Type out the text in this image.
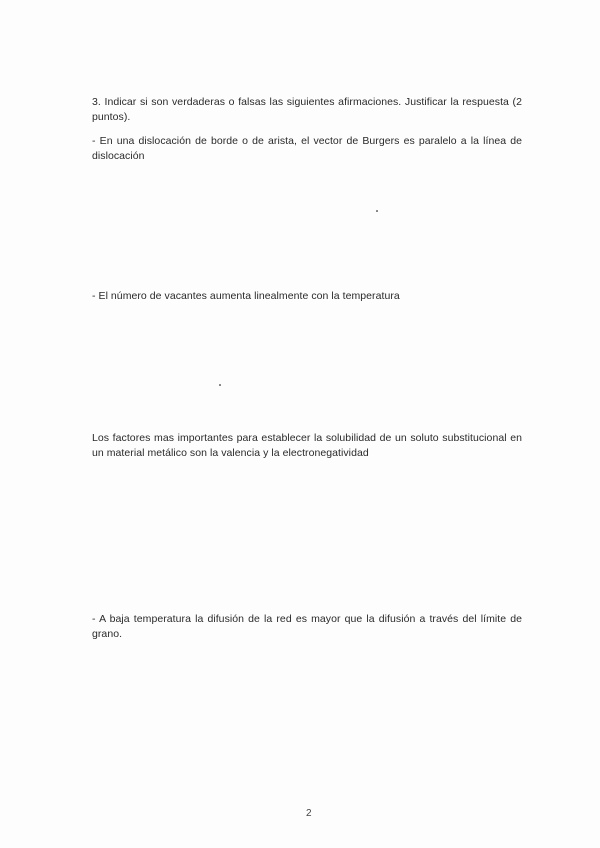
3. Indicar si son verdaderas o falsas las siguientes afirmaciones. Justificar la respuesta (2 puntos).

- En una dislocación de borde o de arista, el vector de Burgers es paralelo a la línea de dislocación

- El número de vacantes aumenta linealmente con la temperatura

Los factores mas importantes para establecer la solubilidad de un soluto substitucional en un material metálico son la valencia y la electronegatividad

- A baja temperatura la difusión de la red es mayor que la difusión a través del límite de grano.

2
